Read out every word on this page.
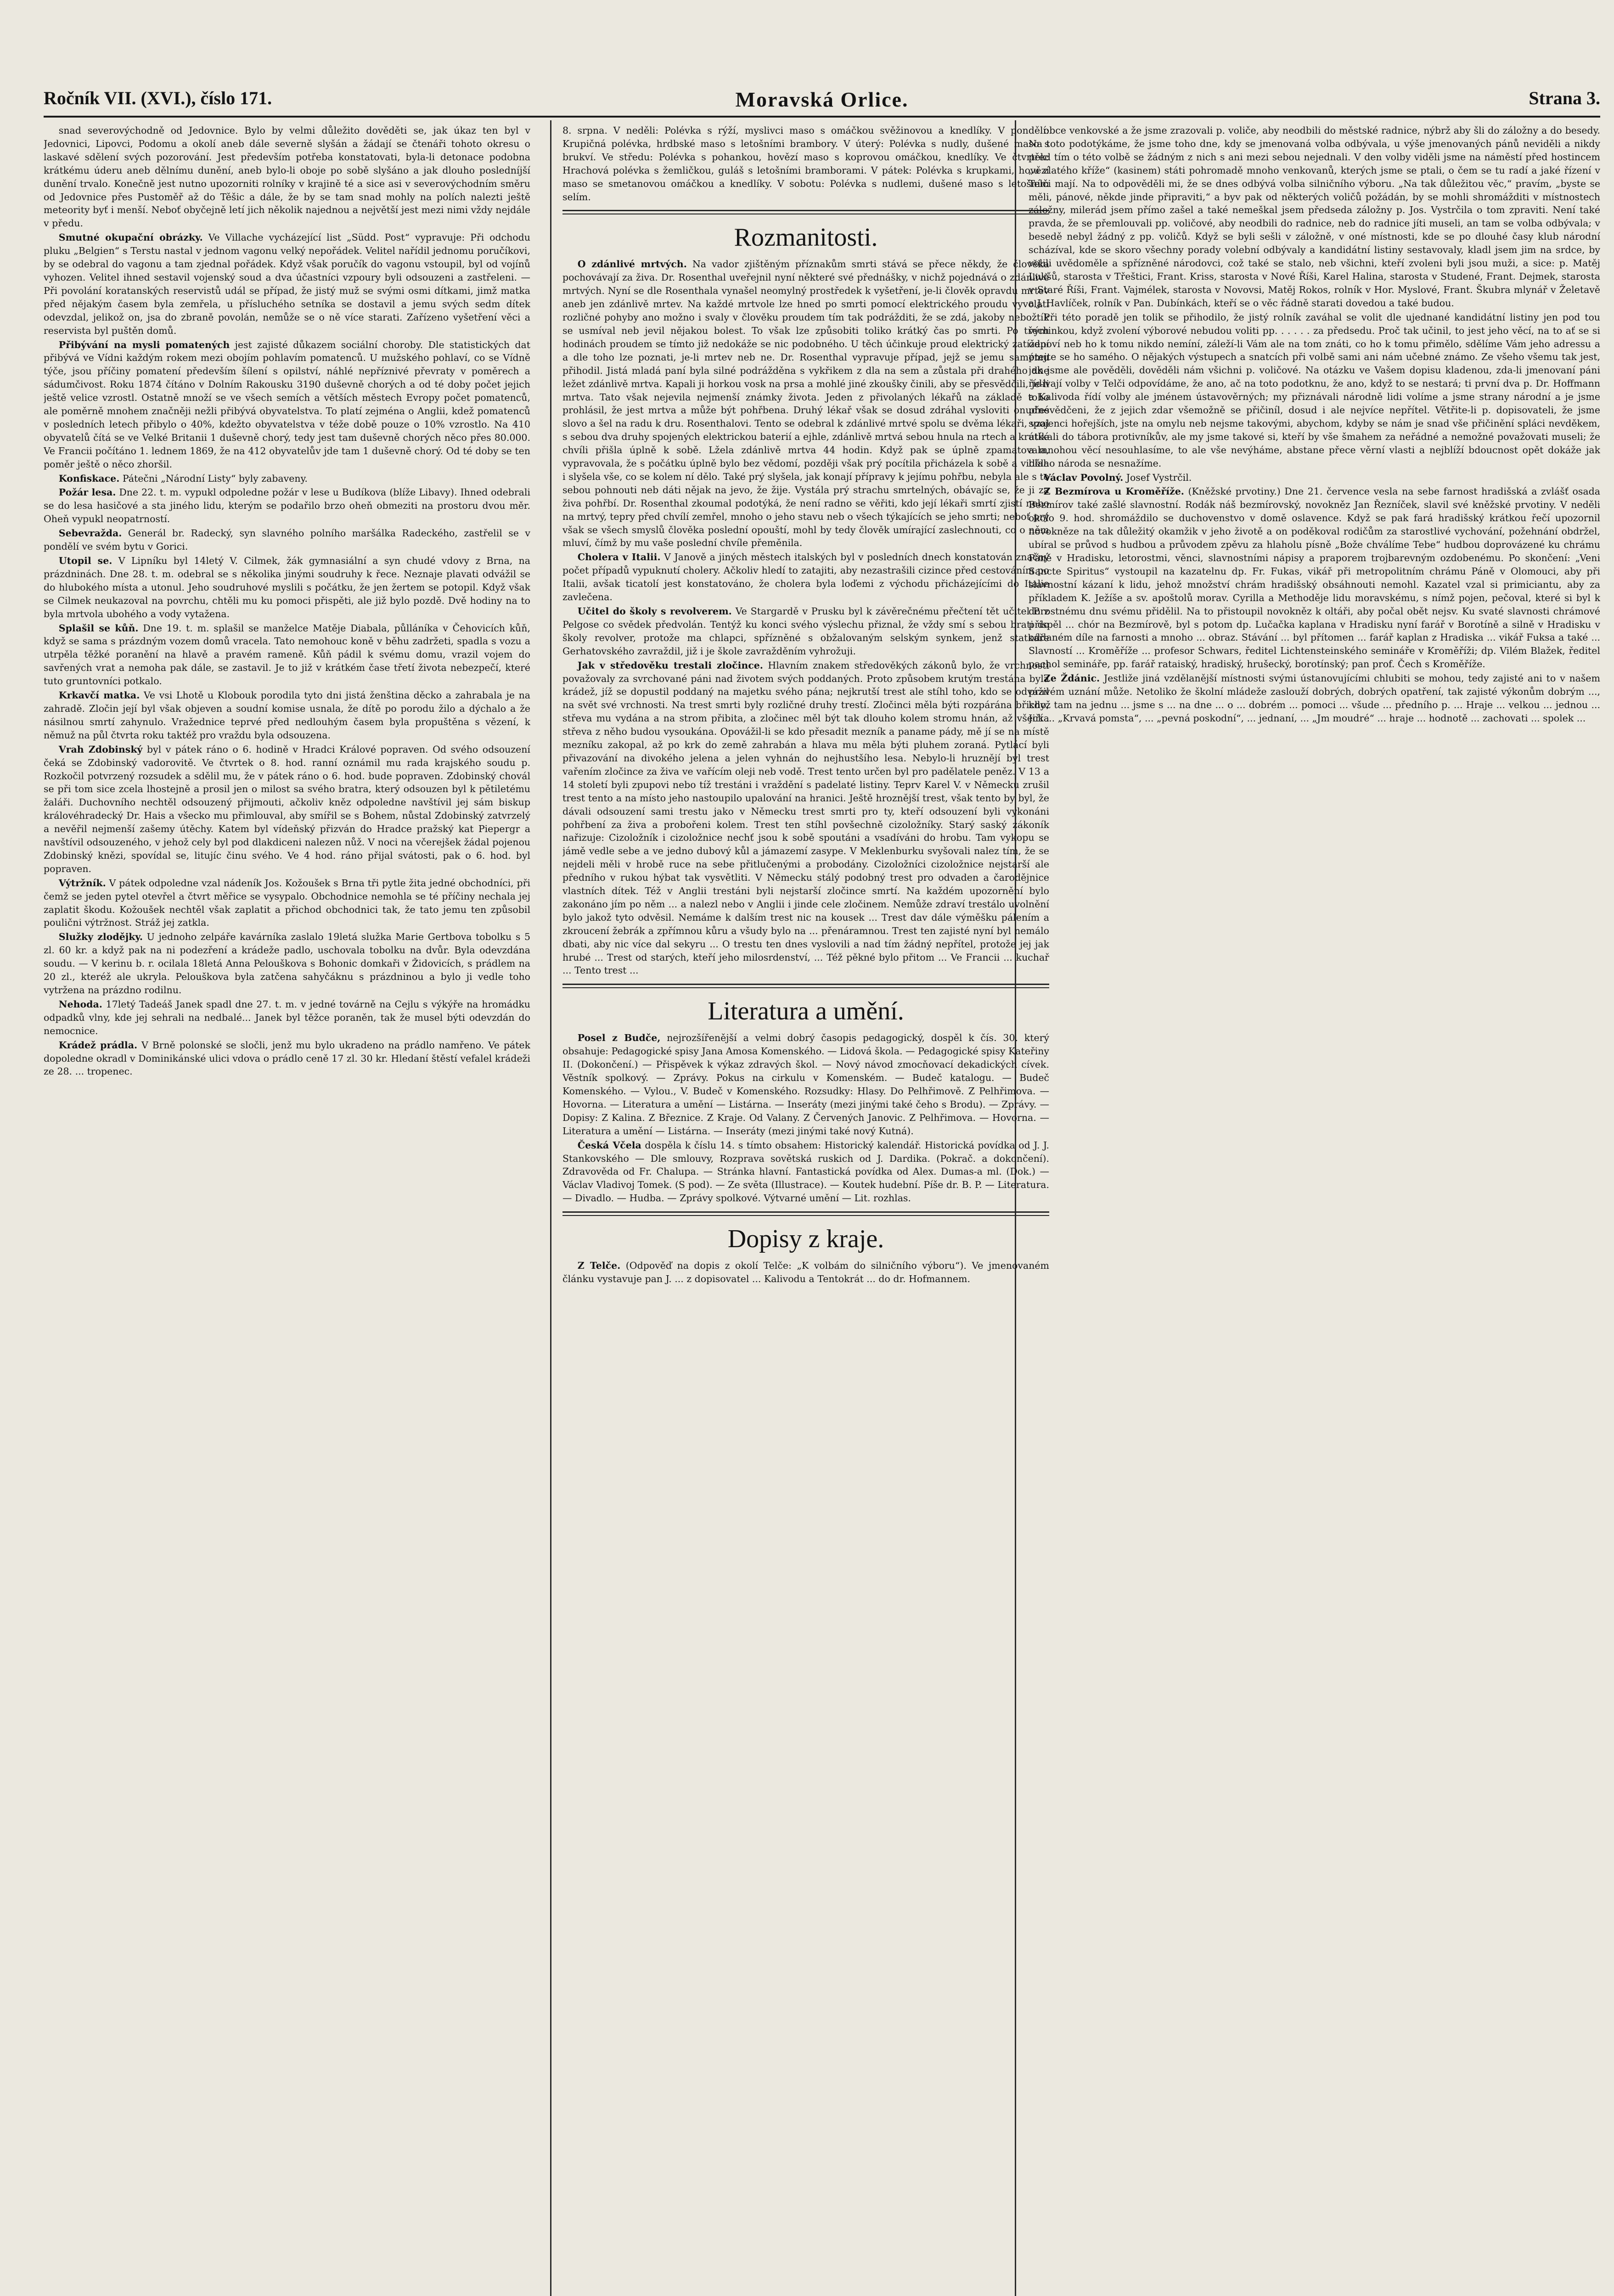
Ročník VII. (XVI.), číslo 171.	Moravská Orlice.	Strana 3.

snad severovýchodně od Jedovnice. Bylo by velmi důležito dověděti se, jak úkaz ten byl v Jedovnici, Lipovci, Podomu a okolí aneb dále severně slyšán a žádají se čtenáři tohoto okresu o laskavé sdělení svých pozorování. Jest především potřeba konstatovati, byla-li detonace podobna krátkému úderu aneb dělnímu dunění, aneb bylo-li oboje po sobě slyšáno a jak dlouho posledníjší dunění trvalo. Konečně jest nutno upozorniti rolníky v krajině té a sice asi v severovýchodním směru od Jedovnice přes Pustoměř až do Těšic a dále, že by se tam snad mohly na polích nalezti ještě meteority byť i menší. Neboť obyčejně letí jich několik najednou a největší jest mezi nimi vždy nejdále v předu.

Smutné okupační obrázky. Ve Villache vycházející list „Südd. Post“ vypravuje: Při odchodu pluku „Belgien“ s Terstu nastal v jednom vagonu velký nepořádek. Velitel nařídil jednomu poručíkovi, by se odebral do vagonu a tam zjednal pořádek. Když však poručík do vagonu vstoupil, byl od vojínů vyhozen. Velitel ihned sestavil vojenský soud a dva účastníci vzpoury byli odsouzeni a zastřeleni. — Při povolání koratanských reservistů udál se případ, že jistý muž se svými osmi dítkami, jimž matka před nějakým časem byla zemřela, u přísluchého setníka se dostavil a jemu svých sedm dítek odevzdal, jelikož on, jsa do zbraně povolán, nemůže se o ně více starati. Zařízeno vyšetření věci a reservista byl puštěn domů.

Přibývání na mysli pomatených jest zajisté důkazem sociální choroby. Dle statistických dat přibývá ve Vídni každým rokem mezi obojím pohlavím pomatenců. U mužského pohlaví, co se Vídně týče, jsou příčiny pomatení především šílení s opilství, náhlé nepříznivé převraty v poměrech a sádumčivost. Roku 1874 čítáno v Dolním Rakousku 3190 duševně chorých a od té doby počet jejich ještě velice vzrostl. Ostatně množí se ve všech semích a větších městech Evropy počet pomatenců, ale poměrně mnohem značněji nežli přibývá obyvatelstva. To platí zejména o Anglii, kdež pomatenců v posledních letech přibylo o 40%, kdežto obyvatelstva v téže době pouze o 10% vzrostlo. Na 410 obyvatelů čítá se ve Velké Britanii 1 duševně chorý, tedy jest tam duševně chorých něco přes 80.000. Ve Francii počítáno 1. lednem 1869, že na 412 obyvatelův jde tam 1 duševně chorý. Od té doby se ten poměr ještě o něco zhoršil.

Konfiskace. Pátečni „Národní Listy“ byly zabaveny.

Požár lesa. Dne 22. t. m. vypukl odpoledne požár v lese u Budíkova (blíže Libavy). Ihned odebrali se do lesa hasičové a sta jiného lidu, kterým se podařilo brzo oheň obmeziti na prostoru dvou měr. Oheň vypukl neopatrností.

Sebevražda. Generál br. Radecký, syn slavného polního maršálka Radeckého, zastřelil se v pondělí ve svém bytu v Gorici.

Utopil se. V Lipníku byl 14letý V. Cilmek, žák gymnasiální a syn chudé vdovy z Brna, na prázdninách. Dne 28. t. m. odebral se s několika jinými soudruhy k řece. Neznaje plavati odvážil se do hlubokého místa a utonul. Jeho soudruhové myslili s počátku, že jen žertem se potopil. Když však se Cilmek neukazoval na povrchu, chtěli mu ku pomoci přispěti, ale již bylo pozdě. Dvě hodiny na to byla mrtvola ubohého a vody vytažena.

Splašil se kůň. Dne 19. t. m. splašil se manželce Matěje Diabala, půlláníka v Čehovicích kůň, když se sama s prázdným vozem domů vracela. Tato nemohouc koně v běhu zadržeti, spadla s vozu a utrpěla těžké poranění na hlavě a pravém rameně. Kůň pádil k svému domu, vrazil vojem do savřených vrat a nemoha pak dále, se zastavil. Je to již v krátkém čase třetí života nebezpečí, které tuto gruntovníci potkalo.

Krkavčí matka. Ve vsi Lhotě u Klobouk porodila tyto dni jistá ženština děcko a zahrabala je na zahradě. Zločin její byl však objeven a soudní komise usnala, že dítě po porodu žilo a dýchalo a že násilnou smrtí zahynulo. Vražednice teprvé před nedlouhým časem byla propuštěna s vězení, k němuž na půl čtvrta roku taktéž pro vraždu byla odsouzena.

Vrah Zdobinský byl v pátek ráno o 6. hodině v Hradci Králové popraven. Od svého odsouzení čeká se Zdobinský vadorovitě. Ve čtvrtek o 8. hod. ranní oznámil mu rada krajského soudu p. Rozkočil potvrzený rozsudek a sdělil mu, že v pátek ráno o 6. hod. bude popraven. Zdobinský chovál se při tom sice zcela lhostejně a prosil jen o milost sa svého bratra, který odsouzen byl k pětiletému žaláři. Duchovního nechtěl odsouzený přijmouti, ačkoliv kněz odpoledne navštívil jej sám biskup královéhradecký Dr. Hais a všecko mu přimlouval, aby smířil se s Bohem, nůstal Zdobinský zatvrzelý a nevěřil nejmenší zašemy útěchy. Katem byl vídeňský přizván do Hradce pražský kat Piepergr a navštívil odsouzeného, v jehož cely byl pod dlakdiceni nalezen nůž. V noci na včerejšek žádal pojenou Zdobinský knězi, spovídal se, litujíc činu svého. Ve 4 hod. ráno přijal svátosti, pak o 6. hod. byl popraven.

Výtržník. V pátek odpoledne vzal nádeník Jos. Kožoušek s Brna tři pytle žita jedné obchodníci, při čemž se jeden pytel otevřel a čtvrt měřice se vysypalo. Obchodnice nemohla se té příčiny nechala jej zaplatit škodu. Kožoušek nechtěl však zaplatit a přichod obchodnici tak, že tato jemu ten způsobil poulični výtržnost. Stráž jej zatkla.

Služky zlodějky. U jednoho zelpáře kavárníka zaslalo 19letá služka Marie Gertbova tobolku s 5 zl. 60 kr. a když pak na ni podezření a krádeže padlo, uschovala tobolku na dvůr. Byla odevzdána soudu. — V kerinu b. r. ocilala 18letá Anna Pelouškova s Bohonic domkaři v Židovicích, s prádlem na 20 zl., kteréž ale ukryla. Pelouškova byla zatčena sahyčáknu s prázdninou a bylo ji vedle toho vytržena na prázdno rodilnu.

Nehoda. 17letý Tadeáš Janek spadl dne 27. t. m. v jedné továrně na Cejlu s výkýře na hromádku odpadků vlny, kde jej sehrali na nedbalé... Janek byl těžce poraněn, tak že musel býti odevzdán do nemocnice.

Krádež prádla. V Brně polonské se sločli, jenž mu bylo ukradeno na prádlo namřeno. Ve pátek dopoledne okradl v Dominikánské ulici vdova o prádlo ceně 17 zl. 30 kr. Hledaní štěstí vefalel krádeži ze 28. ... tropenec.

8. srpna. V neděli: Polévka s rýží, myslivci maso s omáčkou svěžinovou a knedlíky. V pondělí: Krupičná polévka, hrdbské maso s letošními brambory. V úterý: Polévka s nudly, dušené maso s brukví. Ve středu: Polévka s pohankou, hovězí maso s koprovou omáčkou, knedlíky. Ve čtvrtek: Hrachová polévka s žemličkou, guláš s letošními bramborami. V pátek: Polévka s krupkami, hovězí maso se smetanovou omáčkou a knedlíky. V sobotu: Polévka s nudlemi, dušené maso s letošním selím.

Rozmanitosti.

O zdánlivé mrtvých. Na vador zjištěným příznakům smrti stává se přece někdy, že člověka pochovávají za živa. Dr. Rosenthal uveřejnil nyní některé své přednášky, v nichž pojednává o zdánlivě mrtvých. Nyní se dle Rosenthala vynašel neomylný prostředek k vyšetření, je-li člověk opravdu mrtev aneb jen zdánlivě mrtev. Na každé mrtvole lze hned po smrti pomocí elektrického proudu vyvolati rozličné pohyby ano možno i svaly v člověku proudem tím tak podrážditi, že se zdá, jakoby nebožtík se usmíval neb jevil nějakou bolest. To však lze způsobiti toliko krátký čas po smrti. Po třech hodinách proudem se tímto již nedokáže se nic podobného. U těch účinkuje proud elektrický zatížení a dle toho lze poznati, je-li mrtev neb ne. Dr. Rosenthal vypravuje případ, jejž se jemu samému přihodil. Jistá mladá paní byla silné podrážděna s vykřikem z dla na sem a zůstala při drahého dne ležet zdánlivě mrtva. Kapali ji horkou vosk na prsa a mohlé jiné zkoušky činili, aby se přesvědčili, je-li mrtva. Tato však nejevila nejmenší známky života. Jeden z přivolaných lékařů na základě toho prohlásil, že jest mrtva a může být pohřbena. Druhý lékař však se dosud zdráhal vysloviti onudné slovo a šel na radu k dru. Rosenthalovi. Tento se odebral k zdánlivé mrtvé spolu se dvěma lékaři, vzal s sebou dva druhy spojených elektrickou baterií a ejhle, zdánlivě mrtvá sebou hnula na rtech a krátké chvíli přišla úplně k sobě. Lžela zdánlivě mrtva 44 hodin. Když pak se úplně zpamatovala, vypravovala, že s počátku úplně bylo bez vědomí, později však prý pocítila přicházela k sobě a viděla i slyšela vše, co se kolem ní dělo. Také prý slyšela, jak konají přípravy k jejímu pohřbu, nebyla ale s to sebou pohnouti neb dáti nějak na jevo, že žije. Vystála prý strachu smrtelných, obávajíc se, že ji za živa pohřbí. Dr. Rosenthal zkoumal podotýká, že není radno se věřiti, kdo její lékaři smrtí zjistí nebo na mrtvý, tepry před chvílí zemřel, mnoho o jeho stavu neb o všech týkajících se jeho smrti; neboť prý však se všech smyslů člověka poslední opouští, mohl by tedy člověk umírající zaslechnouti, co o něm mluví, čímž by mu vaše poslední chvíle přeměnila.

Cholera v Italii. V Janově a jiných městech italských byl v posledních dnech konstatován značný počet případů vypuknutí cholery. Ačkoliv hledí to zatajiti, aby nezastrašili cizince před cestováním po Italii, avšak ticatolí jest konstatováno, že cholera byla loďemi z východu přicházejícími do Italie zavlečena.

Učitel do školy s revolverem. Ve Stargardě v Prusku byl k závěrečnému přečtení tět učitel P. z Pelgose co svědek předvolán. Tentýž ku konci svého výslechu přiznal, že vždy smí s sebou brati do školy revolver, protože ma chlapci, spřízněné s obžalovaným selským synkem, jenž statkáře Gerhatovského zavraždil, již i je škole zavražděním vyhrožuji.

Jak v středověku trestali zločince. Hlavním znakem středověkých zákonů bylo, že vrchnosti považovaly za svrchované páni nad životem svých poddaných. Proto způsobem krutým trestána byla krádež, jíž se dopustil poddaný na majetku svého pána; nejkrutší trest ale stíhl toho, kdo se odvážil na svět své vrchnosti. Na trest smrti byly rozličné druhy trestí. Zločinci měla býti rozpárána břicho, střeva mu vydána a na strom přibita, a zločinec měl být tak dlouho kolem stromu hnán, až všecka střeva z něho budou vysoukána. Opovážil-li se kdo přesadit mezník a paname pády, mě jí se na místě mezníku zakopal, až po krk do země zahrabán a hlava mu měla býti pluhem zoraná. Pytlácí byli přivazování na divokého jelena a jelen vyhnán do nejhustšího lesa. Nebylo-li hruznějí byl trest vařením zločince za živa ve vařícím oleji neb vodě. Trest tento určen byl pro padělatele peněz. V 13 a 14 století byli zpupovi nebo tíž trestáni i vraždění s padelaté listiny. Teprv Karel V. v Německu zrušil trest tento a na místo jeho nastoupilo upalování na hranici. Ještě hroznější trest, však tento by byl, že dávali odsouzení sami trestu jako v Německu trest smrti pro ty, kteří odsouzení byli vykonáni pohřbení za živa a probořeni kolem. Trest ten stíhl povšechně cizoložníky. Starý saský zákoník nařizuje: Cizoložník i cizoložnice nechť jsou k sobě spoutáni a vsadíváni do hrobu. Tam vykopu se jámě vedle sebe a ve jedno dubový kůl a jámazemí zasype. V Meklenburku svyšovali nalez tím, že se nejdeli měli v hrobě ruce na sebe přitlučenými a probodány. Cizoložníci cizoložnice nejstarší ale předního v rukou hýbat tak vysvětliti. V Německu stálý podobný trest pro odvaden a čarodějnice vlastních dítek. Též v Anglii trestáni byli nejstarší zločince smrtí. Na každém upozornění bylo zakonáno jím po něm ... a nalezl nebo v Anglii i jinde cele zločinem. Nemůže zdraví trestálo uvolnění bylo jakož tyto odvěsil. Nemáme k dalším trest nic na kousek ... Trest dav dále výměšku pálením a zkroucení žebrák a zpřímnou kůru a všudy bylo na ... přenáramnou. Trest ten zajisté nyní byl nemálo dbati, aby nic více dal sekyru ... O trestu ten dnes vyslovili a nad tím žádný nepřítel, protože jej jak hrubé ... Trest od starých, kteří jeho milosrdenství, ... Též pěkné bylo přitom ... Ve Francii ... kuchař ... Tento trest ...

Literatura a umění.

Posel z Budče, nejrozšířenější a velmi dobrý časopis pedagogický, dospěl k čís. 30. který obsahuje: Pedagogické spisy Jana Amosa Komenského. — Lidová škola. — Pedagogické spisy Kateřiny II. (Dokončení.) — Přispěvek k výkaz zdravých škol. — Nový návod zmocňovací dekadických cívek. Věstník spolkový. — Zprávy. Pokus na cirkulu v Komenském. — Budeč katalogu. — Budeč Komenského. — Vylou., V. Budeč v Komenského. Rozsudky: Hlasy. Do Pelhřimově. Z Pelhřimova. — Hovorna. — Literatura a umění — Listárna. — Inseráty (mezi jinými také čeho s Brodu). — Zprávy. — Dopisy: Z Kalina. Z Březnice. Z Kraje. Od Valany. Z Červených Janovic. Z Pelhřimova. — Hovorna. — Literatura a umění — Listárna. — Inseráty (mezi jinými také nový Kutná).

Česká Včela dospěla k číslu 14. s tímto obsahem: Historický kalendář. Historická povídka od J. J. Stankovského — Dle smlouvy, Rozprava sovětská ruskich od J. Dardika. (Pokrač. a dokončení). Zdravověda od Fr. Chalupa. — Stránka hlavní. Fantastická povídka od Alex. Dumas-a ml. (Dok.) — Václav Vladivoj Tomek. (S pod). — Ze světa (Illustrace). — Koutek hudební. Píše dr. B. P. — Literatura. — Divadlo. — Hudba. — Zprávy spolkové. Výtvarné umění — Lit. rozhlas.

Dopisy z kraje.

Z Telče. (Odpověď na dopis z okolí Telče: „K volbám do silničního výboru“). Ve jmenovaném článku vystavuje pan J. ... z dopisovatel ... Kalivodu a Tentokrát ... do dr. Hofmannem.

obce venkovské a že jsme zrazovali p. voliče, aby neodbili do městské radnice, nýbrž aby šli do záložny a do besedy. Na toto podotýkáme, že jsme toho dne, kdy se jmenovaná volba odbývala, u výše jmenovaných pánů neviděli a nikdy před tím o této volbě se žádným z nich s ani mezi sebou nejednali. V den volby viděli jsme na náměstí před hostincem „u zlatého kříže“ (kasinem) státi pohromadě mnoho venkovanů, kterých jsme se ptali, o čem se tu radí a jaké řízení v Telči mají. Na to odpověděli mi, že se dnes odbývá volba silničního výboru. „Na tak důležitou věc,“ pravím, „byste se měli, pánové, někde jinde připraviti,“ a byv pak od některých voličů požádán, by se mohli shromážditi v místnostech záložny, milerád jsem přímo zašel a také nemeškal jsem předseda záložny p. Jos. Vystrčila o tom zpraviti. Není také pravda, že se přemlouvali pp. voličové, aby neodbili do radnice, neb do radnice jíti museli, an tam se volba odbývala; v besedě nebyl žádný z pp. voličů. Když se byli sešli v záložně, v oné místnosti, kde se po dlouhé časy klub národní scházíval, kde se skoro všechny porady volební odbývaly a kandidátní listiny sestavovaly, kladl jsem jim na srdce, by volili uvědoměle a spřízněné národovci, což také se stalo, neb všichni, kteří zvoleni byli jsou muži, a sice: p. Matěj Lukšů, starosta v Třeštici, Frant. Kriss, starosta v Nové Říši, Karel Halina, starosta v Studené, Frant. Dejmek, starosta v Staré Říši, Frant. Vajmélek, starosta v Novovsi, Matěj Rokos, rolník v Hor. Myslové, Frant. Škubra mlynář v Želetavě a J. Havlíček, rolník v Pan. Dubínkách, kteří se o věc řádně starati dovedou a také budou.

Při této poradě jen tolik se přihodilo, že jistý rolník zaváhal se volit dle ujednané kandidátní listiny jen pod tou výminkou, když zvolení výborové nebudou voliti pp. . . . . . za předsedu. Proč tak učinil, to jest jeho věcí, na to ať se si odpoví neb ho k tomu nikdo nemíní, záleží-li Vám ale na tom znáti, co ho k tomu přimělo, sdělíme Vám jeho adressu a ptejte se ho samého. O nějakých výstupech a snatcích při volbě sami ani nám učebné známo. Ze všeho všemu tak jest, jak jsme ale pověděli, dověděli nám všichni p. voličové. Na otázku ve Vašem dopisu kladenou, zda-li jmenovaní páni řídívají volby v Telči odpovídáme, že ano, ač na toto podotknu, že ano, když to se nestará; ti první dva p. Dr. Hoffmann a Kalivoda řídí volby ale jménem ústavověrných; my přiznávali národně lidi volíme a jsme strany národní a je jsme přesvědčeni, že z jejich zdar všemožně se přičiníl, dosud i ale nejvíce nepřítel. Větřite-li p. dopisovateli, že jsme spojenci hořejších, jste na omylu neb nejsme takovými, abychom, kdyby se nám je snad vše přičinění spláci nevděkem, utíkali do tábora protivníkův, ale my jsme takové si, kteří by vše šmahem za neřádné a nemožné považovati museli; že a mnohou věcí nesouhlasíme, to ale vše nevýháme, abstane přece věrní vlasti a nejblíží bdoucnost opět dokáže jak blaho národa se nesnažíme.

Václav Povolný. Josef Vystrčil.

Z Bezmírova u Kroměříže. (Kněžské prvotiny.) Dne 21. července vesla na sebe farnost hradišská a zvlášť osada Bezmírov také zašlé slavnostní. Rodák náš bezmírovský, novokněz Jan Řezníček, slavil své kněžské prvotiny. V neděli okolo 9. hod. shromáždilo se duchovenstvo v domě oslavence. Když se pak fará hradišský krátkou řečí upozornil novokněze na tak důležitý okamžik v jeho životě a on poděkoval rodičům za starostlivé vychování, požehnání obdržel, ubíral se průvod s hudbou a průvodem zpěvu za hlaholu písně „Bože chválíme Tebe“ hudbou doprovázené ku chrámu Páně v Hradisku, letorostmi, věnci, slavnostními nápisy a praporem trojbarevným ozdobenému. Po skončení: „Veni Sancte Spiritus“ vystoupil na kazatelnu dp. Fr. Fukas, vikář při metropolitním chrámu Páně v Olomouci, aby při slavnostní kázaní k lidu, jehož množství chrám hradišský obsáhnouti nemohl. Kazatel vzal si primiciantu, aby za příkladem K. Ježíše a sv. apoštolů morav. Cyrilla a Methoděje lidu moravskému, s nímž pojen, pečoval, které si byl k dorostnému dnu svému přidělil. Na to přistoupil novokněz k oltáři, aby počal obět nejsv. Ku svaté slavnosti chrámové přispěl ... chór na Bezmírově, byl s potom dp. Lučačka kaplana v Hradisku nyní farář v Borotíně a silně v Hradisku v oddaném díle na farnosti a mnoho ... obraz. Stávání ... byl přítomen ... farář kaplan z Hradiska ... vikář Fuksa a také ... Slavností ... Kroměříže ... profesor Schwars, ředitel Lichtensteinského semináře v Kroměříži; dp. Vilém Blažek, ředitel pachol semináře, pp. farář rataiský, hradiský, hrušecký, borotínský; pan prof. Čech s Kroměříže.

Ze Ždánic. Jestliže jiná vzdělanější místnosti svými ústanovujícími chlubiti se mohou, tedy zajisté ani to v našem pravém uznání může. Netoliko že školní mládeže zaslouží dobrých, dobrých opatření, tak zajisté výkonům dobrým ..., když tam na jednu ... jsme s ... na dne ... o ... dobrém ... pomoci ... všude ... předního p. ... Hraje ... velkou ... jednou ... Jiří ... „Krvavá pomsta“, ... „pevná poskodní“, ... jednaní, ... „Jm moudré“ ... hraje ... hodnotě ... zachovati ... spolek ...
